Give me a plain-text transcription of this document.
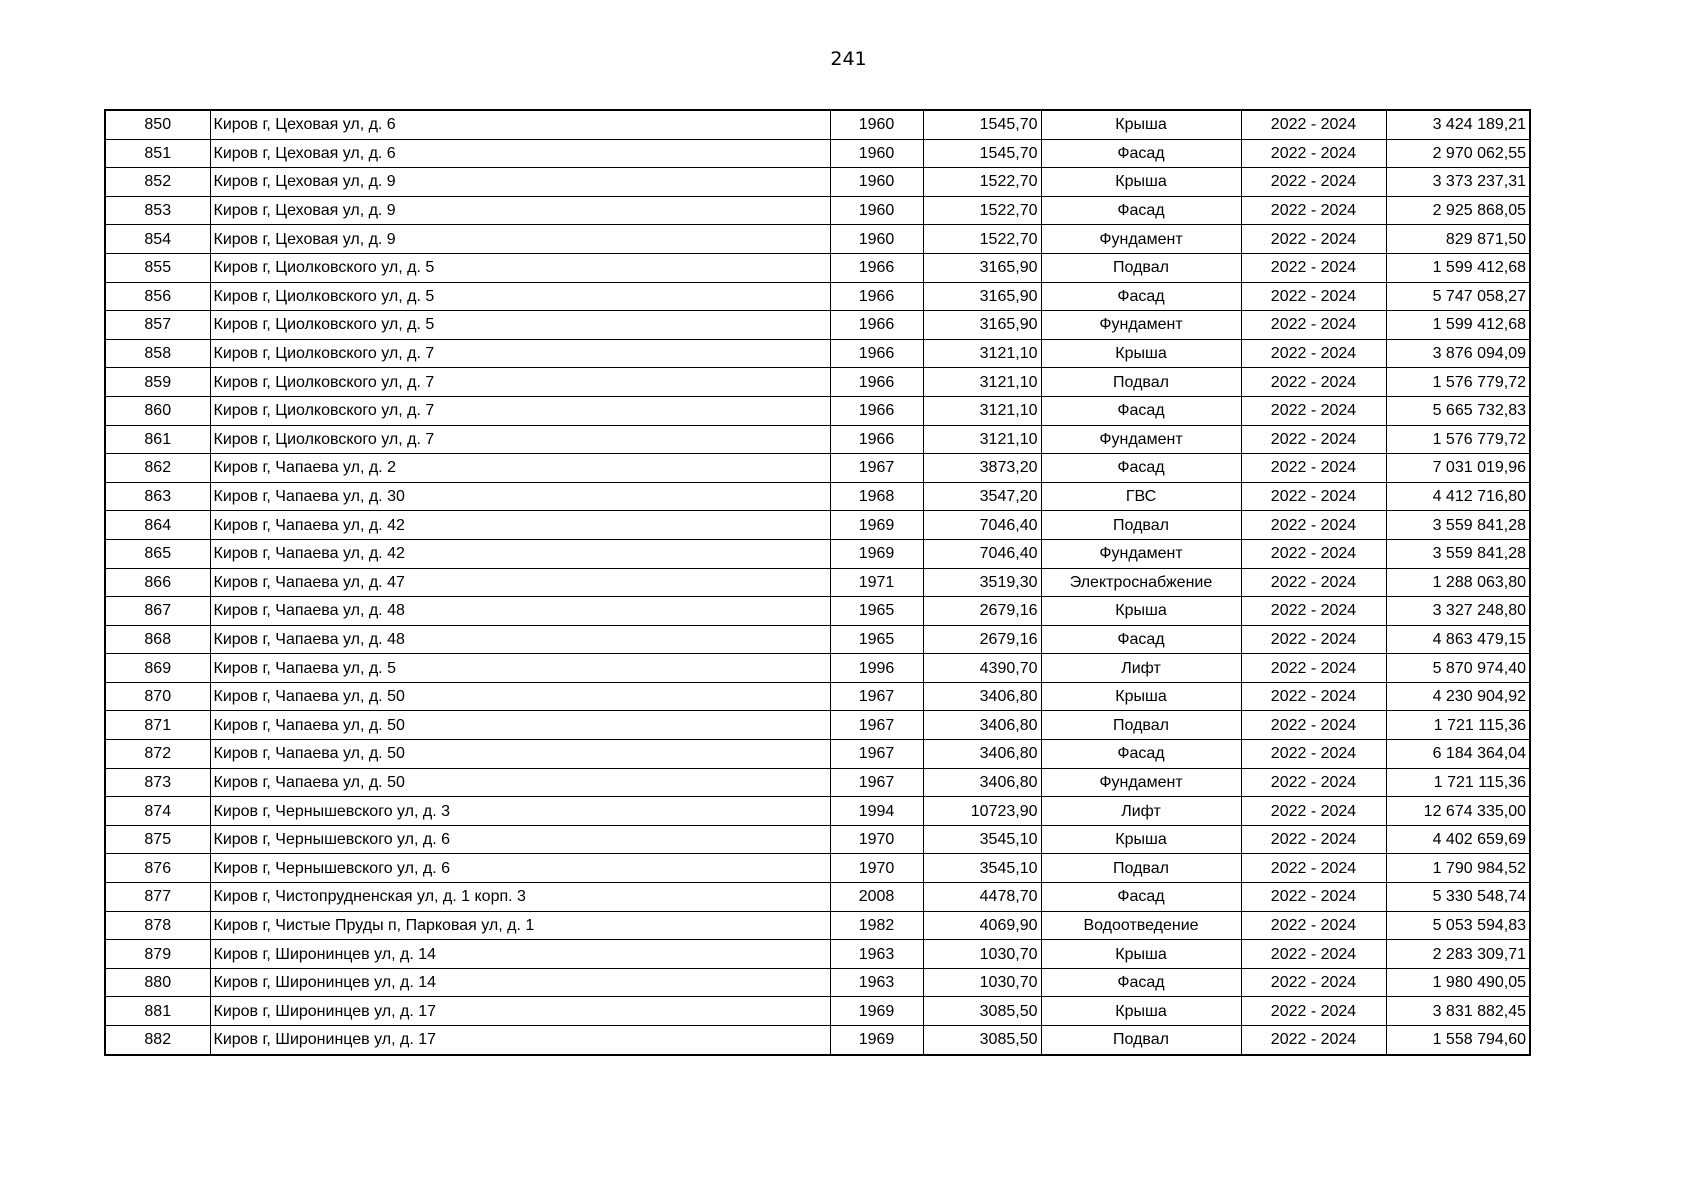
241
850	Киров г, Цеховая ул, д. 6	1960	1545,70	Крыша	2022 - 2024	3 424 189,21
851	Киров г, Цеховая ул, д. 6	1960	1545,70	Фасад	2022 - 2024	2 970 062,55
852	Киров г, Цеховая ул, д. 9	1960	1522,70	Крыша	2022 - 2024	3 373 237,31
853	Киров г, Цеховая ул, д. 9	1960	1522,70	Фасад	2022 - 2024	2 925 868,05
854	Киров г, Цеховая ул, д. 9	1960	1522,70	Фундамент	2022 - 2024	829 871,50
855	Киров г, Циолковского ул, д. 5	1966	3165,90	Подвал	2022 - 2024	1 599 412,68
856	Киров г, Циолковского ул, д. 5	1966	3165,90	Фасад	2022 - 2024	5 747 058,27
857	Киров г, Циолковского ул, д. 5	1966	3165,90	Фундамент	2022 - 2024	1 599 412,68
858	Киров г, Циолковского ул, д. 7	1966	3121,10	Крыша	2022 - 2024	3 876 094,09
859	Киров г, Циолковского ул, д. 7	1966	3121,10	Подвал	2022 - 2024	1 576 779,72
860	Киров г, Циолковского ул, д. 7	1966	3121,10	Фасад	2022 - 2024	5 665 732,83
861	Киров г, Циолковского ул, д. 7	1966	3121,10	Фундамент	2022 - 2024	1 576 779,72
862	Киров г, Чапаева ул, д. 2	1967	3873,20	Фасад	2022 - 2024	7 031 019,96
863	Киров г, Чапаева ул, д. 30	1968	3547,20	ГВС	2022 - 2024	4 412 716,80
864	Киров г, Чапаева ул, д. 42	1969	7046,40	Подвал	2022 - 2024	3 559 841,28
865	Киров г, Чапаева ул, д. 42	1969	7046,40	Фундамент	2022 - 2024	3 559 841,28
866	Киров г, Чапаева ул, д. 47	1971	3519,30	Электроснабжение	2022 - 2024	1 288 063,80
867	Киров г, Чапаева ул, д. 48	1965	2679,16	Крыша	2022 - 2024	3 327 248,80
868	Киров г, Чапаева ул, д. 48	1965	2679,16	Фасад	2022 - 2024	4 863 479,15
869	Киров г, Чапаева ул, д. 5	1996	4390,70	Лифт	2022 - 2024	5 870 974,40
870	Киров г, Чапаева ул, д. 50	1967	3406,80	Крыша	2022 - 2024	4 230 904,92
871	Киров г, Чапаева ул, д. 50	1967	3406,80	Подвал	2022 - 2024	1 721 115,36
872	Киров г, Чапаева ул, д. 50	1967	3406,80	Фасад	2022 - 2024	6 184 364,04
873	Киров г, Чапаева ул, д. 50	1967	3406,80	Фундамент	2022 - 2024	1 721 115,36
874	Киров г, Чернышевского ул, д. 3	1994	10723,90	Лифт	2022 - 2024	12 674 335,00
875	Киров г, Чернышевского ул, д. 6	1970	3545,10	Крыша	2022 - 2024	4 402 659,69
876	Киров г, Чернышевского ул, д. 6	1970	3545,10	Подвал	2022 - 2024	1 790 984,52
877	Киров г, Чистопрудненская ул, д. 1 корп. 3	2008	4478,70	Фасад	2022 - 2024	5 330 548,74
878	Киров г, Чистые Пруды п, Парковая ул, д. 1	1982	4069,90	Водоотведение	2022 - 2024	5 053 594,83
879	Киров г, Широнинцев ул, д. 14	1963	1030,70	Крыша	2022 - 2024	2 283 309,71
880	Киров г, Широнинцев ул, д. 14	1963	1030,70	Фасад	2022 - 2024	1 980 490,05
881	Киров г, Широнинцев ул, д. 17	1969	3085,50	Крыша	2022 - 2024	3 831 882,45
882	Киров г, Широнинцев ул, д. 17	1969	3085,50	Подвал	2022 - 2024	1 558 794,60
